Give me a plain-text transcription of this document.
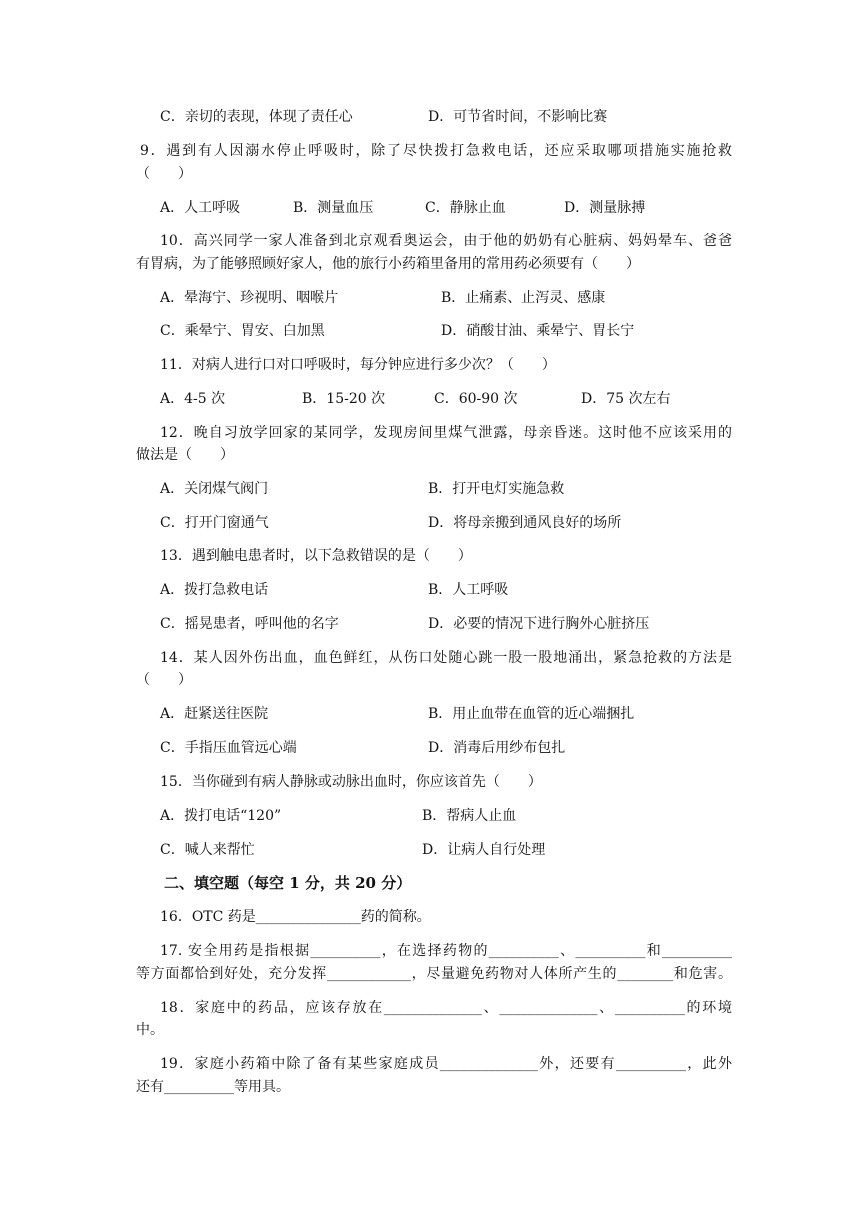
C．亲切的表现，体现了责任心	D．可节省时间，不影响比赛
9．遇到有人因溺水停止呼吸时，除了尽快拨打急救电话，还应采取哪项措施实施抢救
（　　）
A．人工呼吸	B．测量血压	C．静脉止血	D．测量脉搏
10．高兴同学一家人准备到北京观看奥运会，由于他的奶奶有心脏病、妈妈晕车、爸爸
有胃病，为了能够照顾好家人，他的旅行小药箱里备用的常用药必须要有（　　）
A．晕海宁、珍视明、咽喉片	B．止痛素、止泻灵、感康
C．乘晕宁、胃安、白加黑	D．硝酸甘油、乘晕宁、胃长宁
11．对病人进行口对口呼吸时，每分钟应进行多少次？（　　）
A．4-5 次	B．15-20 次	C．60-90 次	D．75 次左右
12．晚自习放学回家的某同学，发现房间里煤气泄露，母亲昏迷。这时他不应该采用的
做法是（　　）
A．关闭煤气阀门	B．打开电灯实施急救
C．打开门窗通气	D．将母亲搬到通风良好的场所
13．遇到触电患者时，以下急救错误的是（　　）
A．拨打急救电话	B．人工呼吸
C．摇晃患者，呼叫他的名字	D．必要的情况下进行胸外心脏挤压
14．某人因外伤出血，血色鲜红，从伤口处随心跳一股一股地涌出，紧急抢救的方法是
（　　）
A．赶紧送往医院	B．用止血带在血管的近心端捆扎
C．手指压血管远心端	D．消毒后用纱布包扎
15．当你碰到有病人静脉或动脉出血时，你应该首先（　　）
A．拨打电话“120”	B．帮病人止血
C．喊人来帮忙	D．让病人自行处理
二、填空题（每空 1 分，共 20 分）
16．OTC 药是_______________药的简称。
17. 安全用药是指根据__________，在选择药物的__________、__________和__________
等方面都恰到好处，充分发挥____________，尽量避免药物对人体所产生的________和危害。
18．家庭中的药品，应该存放在______________、______________、__________的环境
中。
19．家庭小药箱中除了备有某些家庭成员______________外，还要有__________，此外
还有__________等用具。
